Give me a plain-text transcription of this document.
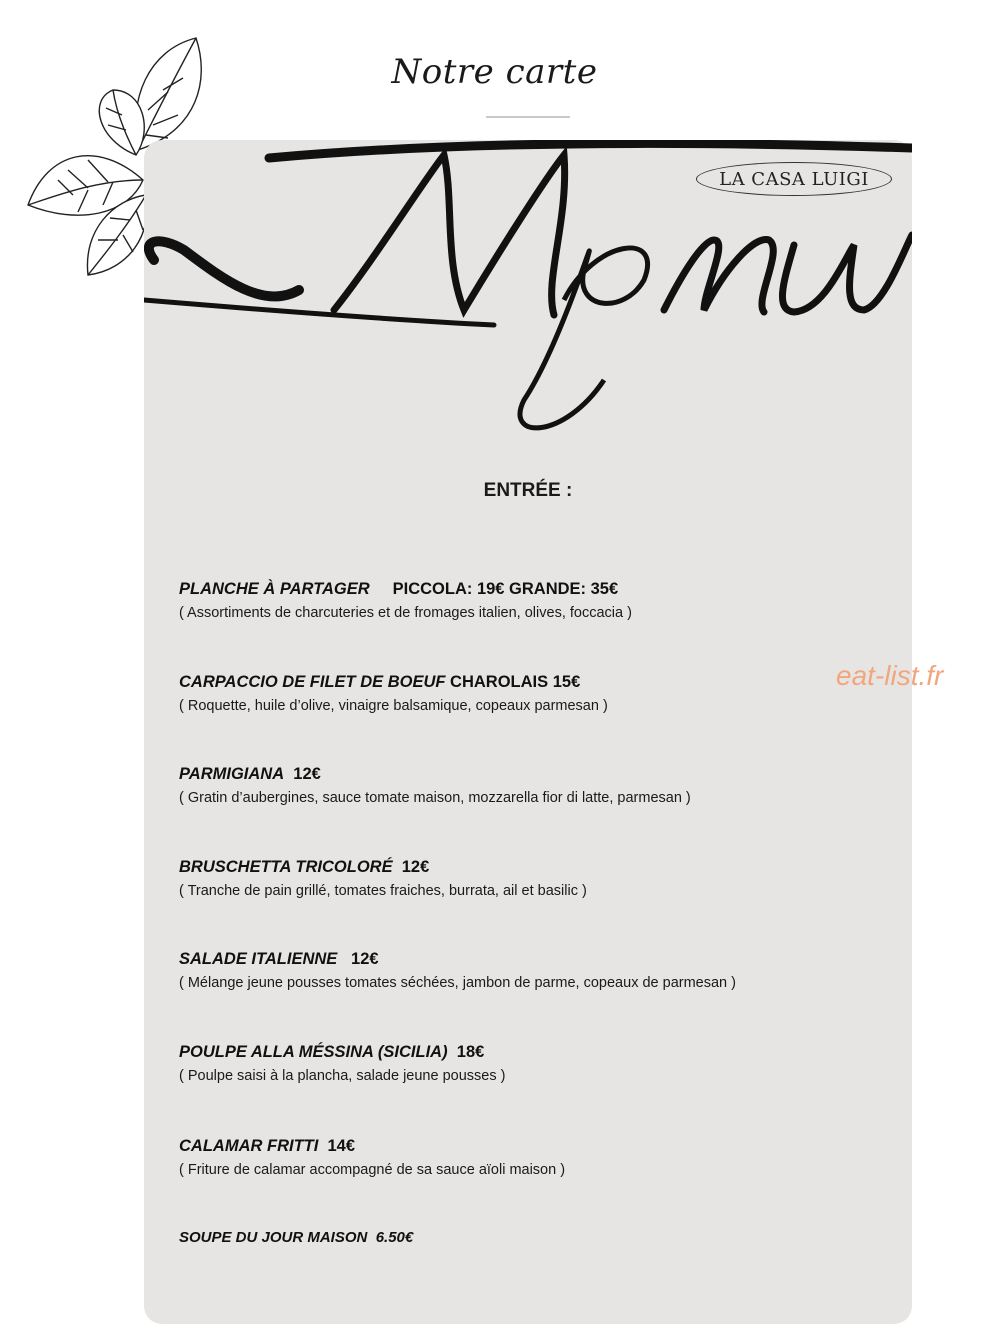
Notre carte
Menu
LA CASA LUIGI
ENTRÉE :
PLANCHE À PARTAGER PICCOLA: 19€ GRANDE: 35€
( Assortiments de charcuteries et de fromages italien, olives, foccacia )
CARPACCIO DE FILET DE BOEUF CHAROLAIS 15€
( Roquette, huile d’olive, vinaigre balsamique, copeaux parmesan )
PARMIGIANA 12€
( Gratin d’aubergines, sauce tomate maison, mozzarella fior di latte, parmesan )
BRUSCHETTA TRICOLORÉ 12€
( Tranche de pain grillé, tomates fraiches, burrata, ail et basilic )
SALADE ITALIENNE 12€
( Mélange jeune pousses tomates séchées, jambon de parme, copeaux de parmesan )
POULPE ALLA MÉSSINA (SICILIA) 18€
( Poulpe saisi à la plancha, salade jeune pousses )
CALAMAR FRITTI 14€
( Friture de calamar accompagné de sa sauce aïoli maison )
SOUPE DU JOUR MAISON 6.50€
eat-list.fr
